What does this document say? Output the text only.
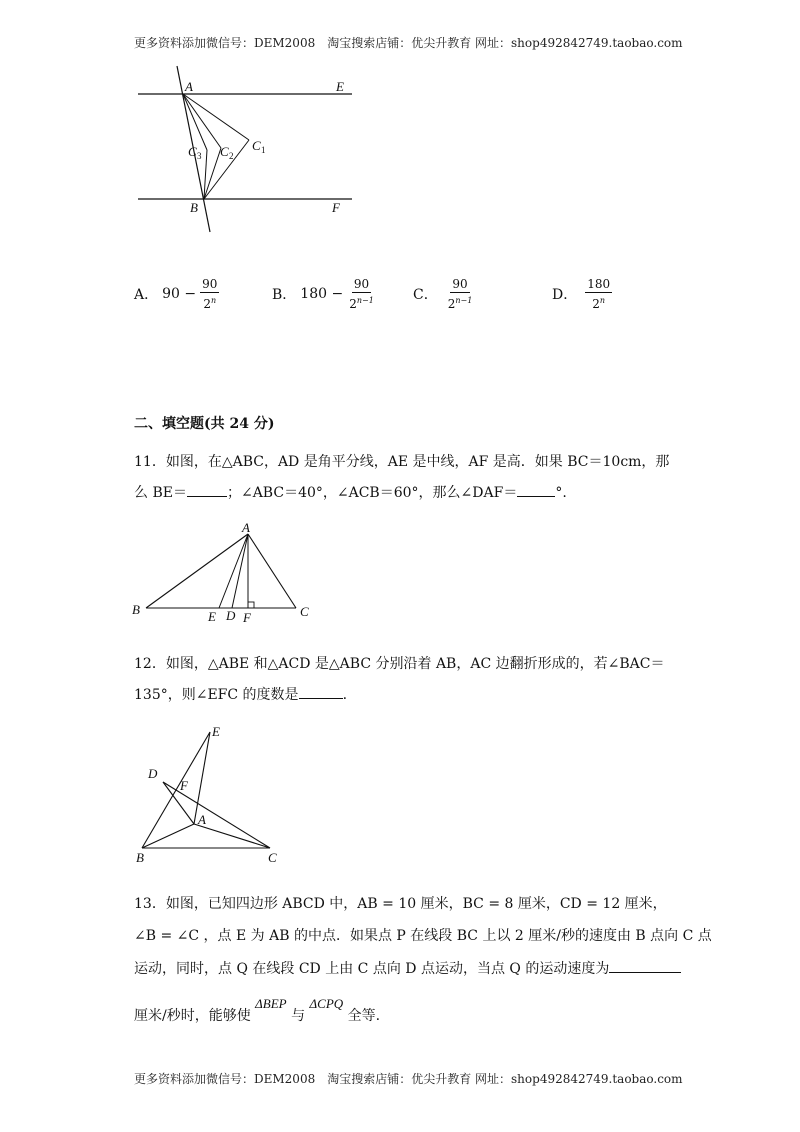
更多资料添加微信号：DEM2008　淘宝搜索店铺：优尖升教育 网址：shop492842749.taobao.com
A	E
B	F
C 1
C 2
C 3
A． $90 - \frac{90}{2^n}$	B． $180 - \frac{90}{2^{n-1}}$	C． $\frac{90}{2^{n-1}}$	D． $\frac{180}{2^n}$
二、填空题(共 24 分)
11．如图，在△ABC，AD 是角平分线，AE 是中线，AF 是高．如果 BC＝10cm，那
么 BE＝	；∠ABC＝40°，∠ACB＝60°，那么∠DAF＝	°.
A
B	C
E D F
12．如图，△ABE 和△ACD 是△ABC 分别沿着 AB，AC 边翻折形成的，若∠BAC＝
135°，则∠EFC 的度数是	.
E
D
F
A
B	C
13．如图，已知四边形 ABCD 中，AB = 10 厘米，BC = 8 厘米，CD = 12 厘米，
∠B = ∠C ，点 E 为 AB 的中点．如果点 P 在线段 BC 上以 2 厘米/秒的速度由 B 点向 C 点
运动，同时，点 Q 在线段 CD 上由 C 点向 D 点运动，当点 Q 的运动速度为
厘米/秒时，能够使 ΔBEP 与 ΔCPQ 全等.
更多资料添加微信号：DEM2008　淘宝搜索店铺：优尖升教育 网址：shop492842749.taobao.com
